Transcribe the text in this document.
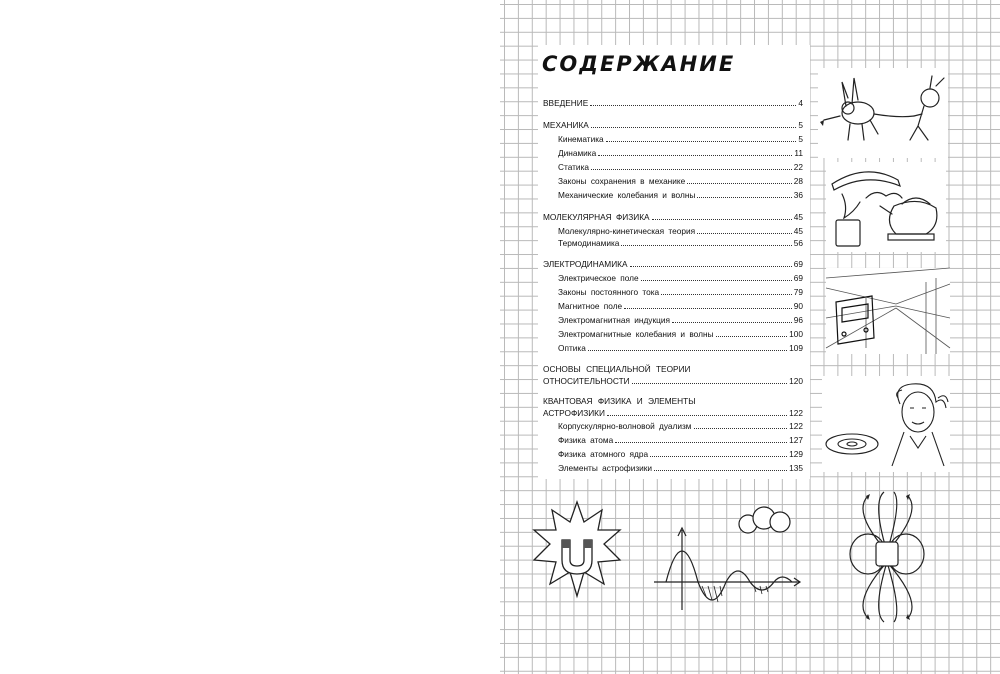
СОДЕРЖАНИЕ
ВВЕДЕНИЕ	4
МЕХАНИКА	5
Кинематика	5
Динамика	11
Статика	22
Законы сохранения в механике	28
Механические колебания и волны	36
МОЛЕКУЛЯРНАЯ ФИЗИКА	45
Молекулярно-кинетическая теория	45
Термодинамика	56
ЭЛЕКТРОДИНАМИКА	69
Электрическое поле	69
Законы постоянного тока	79
Магнитное поле	90
Электромагнитная индукция	96
Электромагнитные колебания и волны	100
Оптика	109
ОСНОВЫ СПЕЦИАЛЬНОЙ ТЕОРИИ
ОТНОСИТЕЛЬНОСТИ	120
КВАНТОВАЯ ФИЗИКА И ЭЛЕМЕНТЫ
АСТРОФИЗИКИ	122
Корпускулярно-волновой дуализм	122
Физика атома	127
Физика атомного ядра	129
Элементы астрофизики	135
